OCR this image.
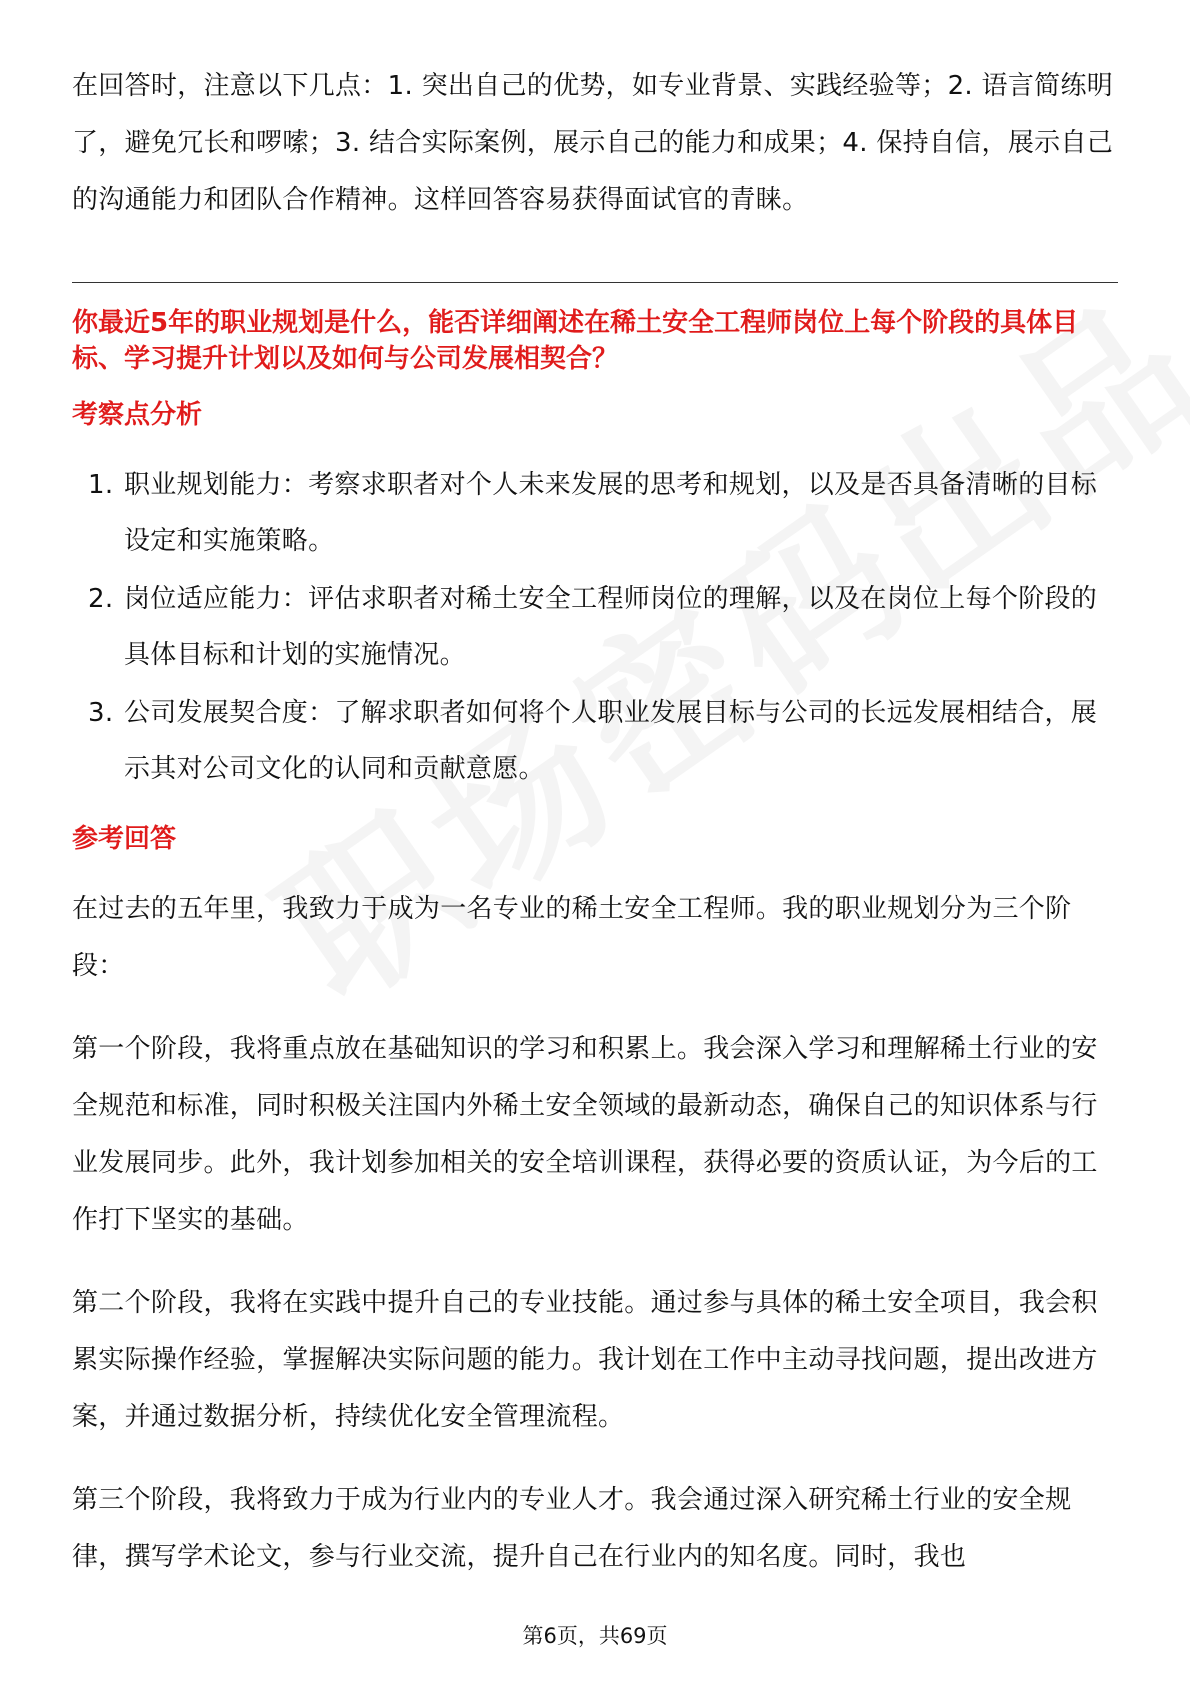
在回答时，注意以下几点：1. 突出自己的优势，如专业背景、实践经验等；2. 语言简练明了，避免冗长和啰嗦；3. 结合实际案例，展示自己的能力和成果；4. 保持自信，展示自己的沟通能力和团队合作精神。这样回答容易获得面试官的青睐。

你最近5年的职业规划是什么，能否详细阐述在稀土安全工程师岗位上每个阶段的具体目标、学习提升计划以及如何与公司发展相契合？

考察点分析

1. 职业规划能力：考察求职者对个人未来发展的思考和规划，以及是否具备清晰的目标设定和实施策略。
2. 岗位适应能力：评估求职者对稀土安全工程师岗位的理解，以及在岗位上每个阶段的具体目标和计划的实施情况。
3. 公司发展契合度：了解求职者如何将个人职业发展目标与公司的长远发展相结合，展示其对公司文化的认同和贡献意愿。

参考回答

在过去的五年里，我致力于成为一名专业的稀土安全工程师。我的职业规划分为三个阶段：

第一个阶段，我将重点放在基础知识的学习和积累上。我会深入学习和理解稀土行业的安全规范和标准，同时积极关注国内外稀土安全领域的最新动态，确保自己的知识体系与行业发展同步。此外，我计划参加相关的安全培训课程，获得必要的资质认证，为今后的工作打下坚实的基础。

第二个阶段，我将在实践中提升自己的专业技能。通过参与具体的稀土安全项目，我会积累实际操作经验，掌握解决实际问题的能力。我计划在工作中主动寻找问题，提出改进方案，并通过数据分析，持续优化安全管理流程。

第三个阶段，我将致力于成为行业内的专业人才。我会通过深入研究稀土行业的安全规律，撰写学术论文，参与行业交流，提升自己在行业内的知名度。同时，我也

第6页，共69页
